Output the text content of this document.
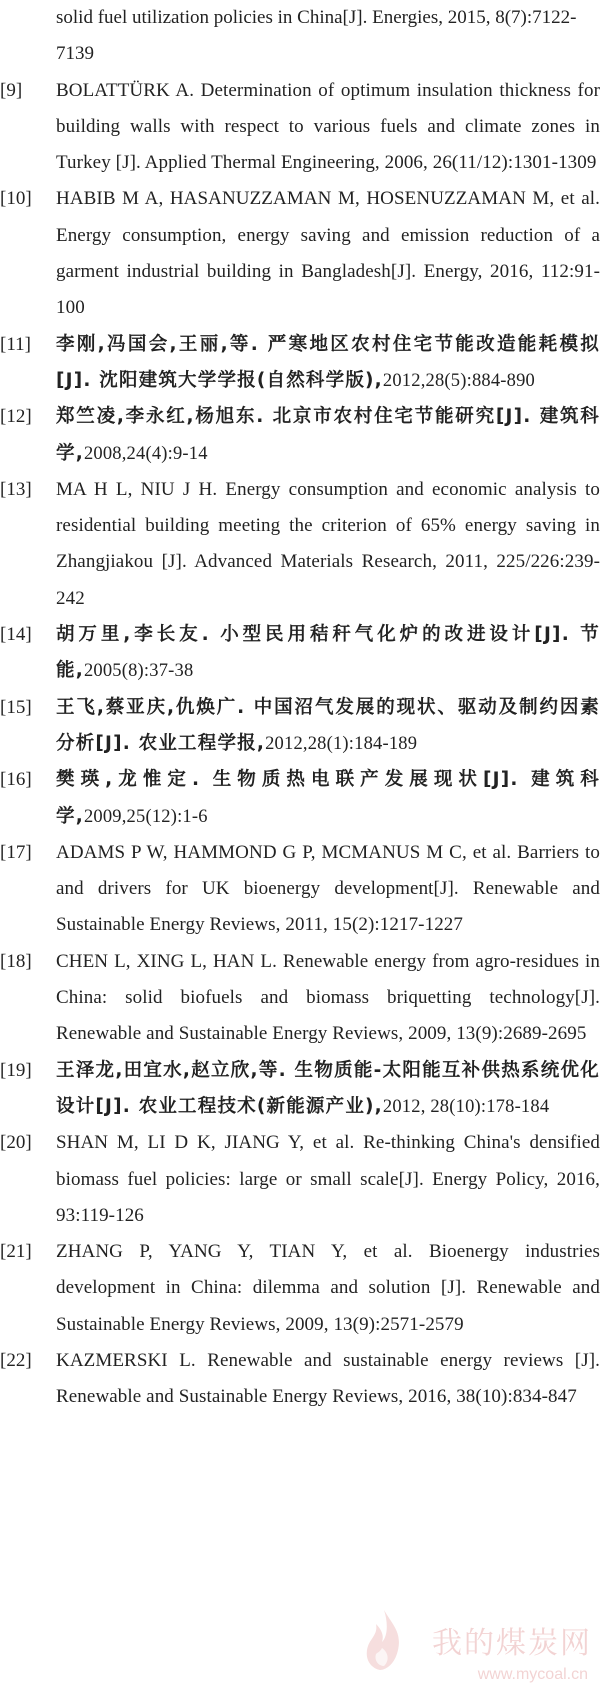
solid fuel utilization policies in China[J]. Energies, 2015, 8(7):7122-7139
[9] BOLATTÜRK A. Determination of optimum insulation thickness for building walls with respect to various fuels and climate zones in Turkey [J]. Applied Thermal Engineering, 2006, 26(11/12):1301-1309
[10] HABIB M A, HASANUZZAMAN M, HOSENUZZAMAN M, et al. Energy consumption, energy saving and emission reduction of a garment industrial building in Bangladesh[J]. Energy, 2016, 112:91-100
[11] 李刚,冯国会,王丽,等. 严寒地区农村住宅节能改造能耗模拟[J]. 沈阳建筑大学学报(自然科学版),2012,28(5):884-890
[12] 郑竺凌,李永红,杨旭东. 北京市农村住宅节能研究[J]. 建筑科学,2008,24(4):9-14
[13] MA H L, NIU J H. Energy consumption and economic analysis to residential building meeting the criterion of 65% energy saving in Zhangjiakou [J]. Advanced Materials Research, 2011, 225/226:239-242
[14] 胡万里,李长友. 小型民用秸秆气化炉的改进设计[J]. 节能,2005(8):37-38
[15] 王飞,蔡亚庆,仇焕广. 中国沼气发展的现状、驱动及制约因素分析[J]. 农业工程学报,2012,28(1):184-189
[16] 樊瑛,龙惟定. 生物质热电联产发展现状[J]. 建筑科学,2009,25(12):1-6
[17] ADAMS P W, HAMMOND G P, MCMANUS M C, et al. Barriers to and drivers for UK bioenergy development[J]. Renewable and Sustainable Energy Reviews, 2011, 15(2):1217-1227
[18] CHEN L, XING L, HAN L. Renewable energy from agro-residues in China: solid biofuels and biomass briquetting technology[J]. Renewable and Sustainable Energy Reviews, 2009, 13(9):2689-2695
[19] 王泽龙,田宜水,赵立欣,等. 生物质能-太阳能互补供热系统优化设计[J]. 农业工程技术(新能源产业),2012, 28(10):178-184
[20] SHAN M, LI D K, JIANG Y, et al. Re-thinking China's densified biomass fuel policies: large or small scale[J]. Energy Policy, 2016, 93:119-126
[21] ZHANG P, YANG Y, TIAN Y, et al. Bioenergy industries development in China: dilemma and solution [J]. Renewable and Sustainable Energy Reviews, 2009, 13(9):2571-2579
[22] KAZMERSKI L. Renewable and sustainable energy reviews [J]. Renewable and Sustainable Energy Reviews, 2016, 38(10):834-847
我的煤炭网
www.mycoal.cn
